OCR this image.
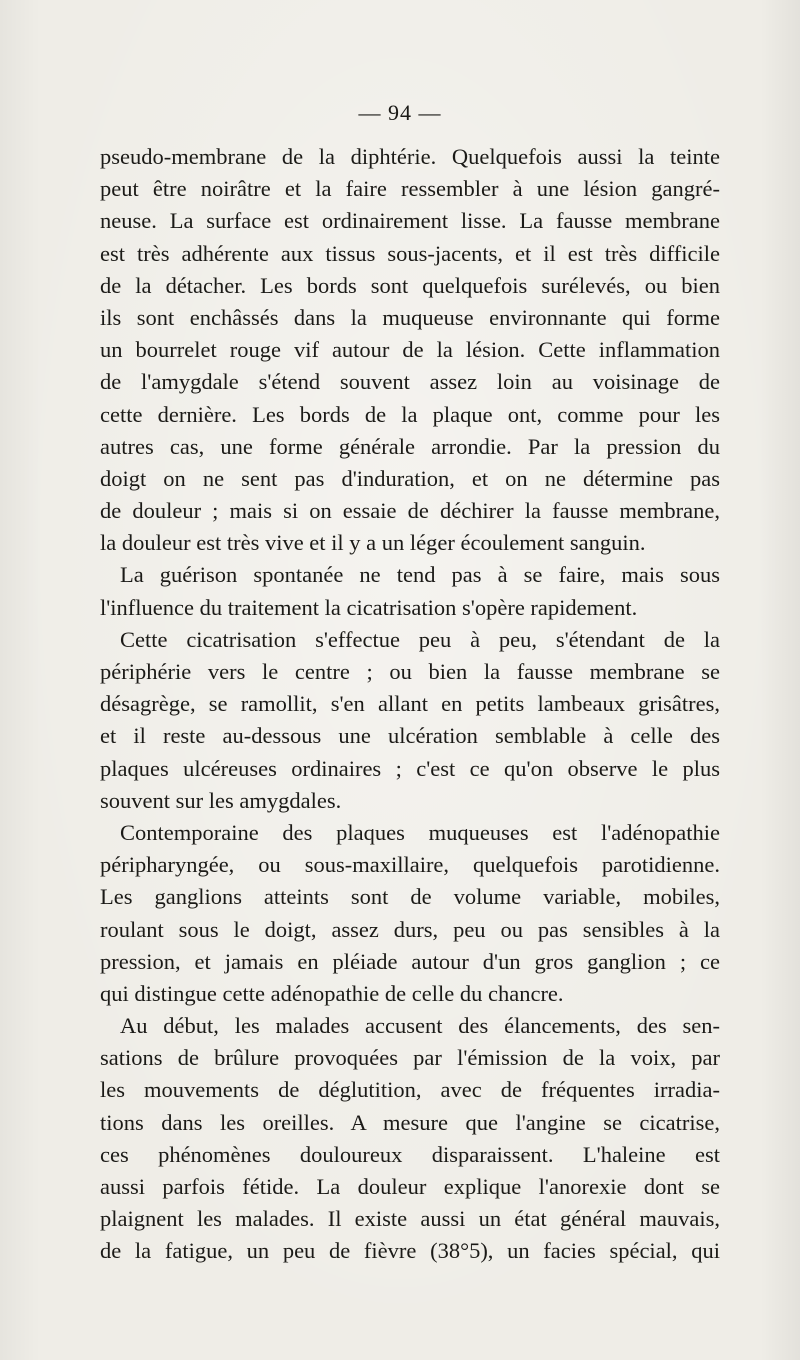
— 94 —
pseudo-membrane de la diphtérie. Quelquefois aussi la teinte
peut être noirâtre et la faire ressembler à une lésion gangré-
neuse. La surface est ordinairement lisse. La fausse membrane
est très adhérente aux tissus sous-jacents, et il est très difficile
de la détacher. Les bords sont quelquefois surélevés, ou bien
ils sont enchâssés dans la muqueuse environnante qui forme
un bourrelet rouge vif autour de la lésion. Cette inflammation
de l'amygdale s'étend souvent assez loin au voisinage de
cette dernière. Les bords de la plaque ont, comme pour les
autres cas, une forme générale arrondie. Par la pression du
doigt on ne sent pas d'induration, et on ne détermine pas
de douleur ; mais si on essaie de déchirer la fausse membrane,
la douleur est très vive et il y a un léger écoulement sanguin.
La guérison spontanée ne tend pas à se faire, mais sous
l'influence du traitement la cicatrisation s'opère rapidement.
Cette cicatrisation s'effectue peu à peu, s'étendant de la
périphérie vers le centre ; ou bien la fausse membrane se
désagrège, se ramollit, s'en allant en petits lambeaux grisâtres,
et il reste au-dessous une ulcération semblable à celle des
plaques ulcéreuses ordinaires ; c'est ce qu'on observe le plus
souvent sur les amygdales.
Contemporaine des plaques muqueuses est l'adénopathie
péripharyngée, ou sous-maxillaire, quelquefois parotidienne.
Les ganglions atteints sont de volume variable, mobiles,
roulant sous le doigt, assez durs, peu ou pas sensibles à la
pression, et jamais en pléiade autour d'un gros ganglion ; ce
qui distingue cette adénopathie de celle du chancre.
Au début, les malades accusent des élancements, des sen-
sations de brûlure provoquées par l'émission de la voix, par
les mouvements de déglutition, avec de fréquentes irradia-
tions dans les oreilles. A mesure que l'angine se cicatrise,
ces phénomènes douloureux disparaissent. L'haleine est
aussi parfois fétide. La douleur explique l'anorexie dont se
plaignent les malades. Il existe aussi un état général mauvais,
de la fatigue, un peu de fièvre (38°5), un facies spécial, qui
